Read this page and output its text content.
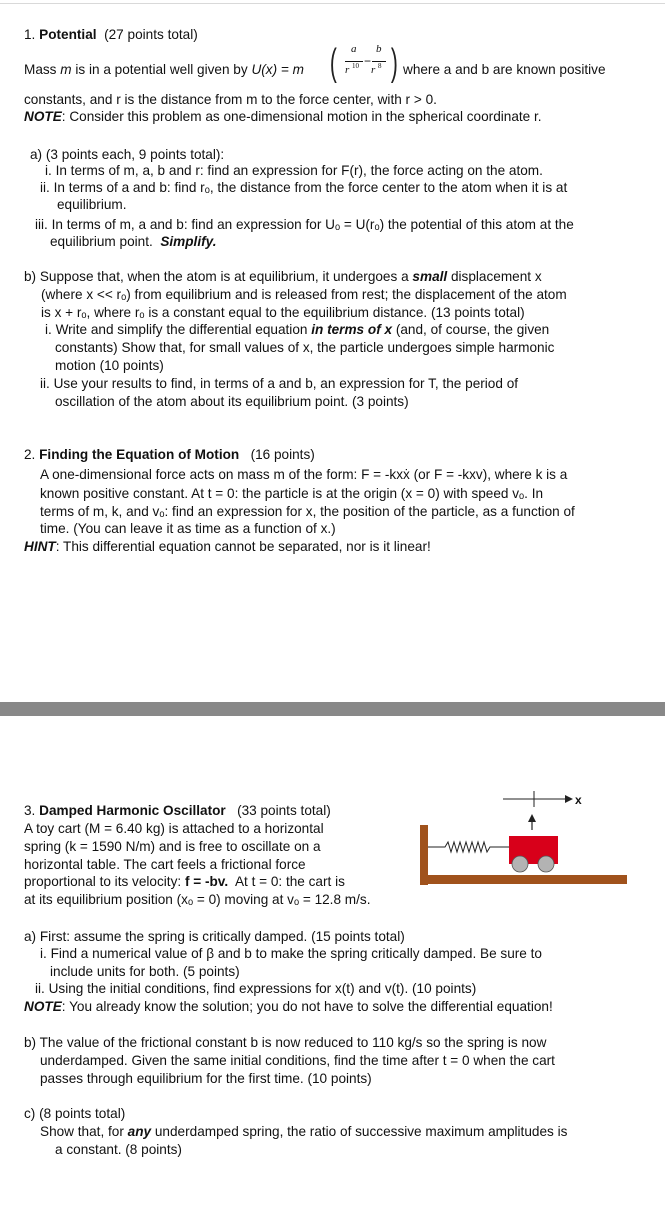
1. Potential (27 points total)
Mass m is in a potential well given by U(x) = m ( a b
−
r 10 r 8 ) where a and b are known positive
constants, and r is the distance from m to the force center, with r > 0.
NOTE: Consider this problem as one-dimensional motion in the spherical coordinate r.
a) (3 points each, 9 points total):
i. In terms of m, a, b and r: find an expression for F(r), the force acting on the atom.
ii. In terms of a and b: find rₒ, the distance from the force center to the atom when it is at
equilibrium.
iii. In terms of m, a and b: find an expression for Uₒ = U(rₒ) the potential of this atom at the
equilibrium point. Simplify.
b) Suppose that, when the atom is at equilibrium, it undergoes a small displacement x
(where x << rₒ) from equilibrium and is released from rest; the displacement of the atom
is x + rₒ, where rₒ is a constant equal to the equilibrium distance. (13 points total)
i. Write and simplify the differential equation in terms of x (and, of course, the given
constants) Show that, for small values of x, the particle undergoes simple harmonic
motion (10 points)
ii. Use your results to find, in terms of a and b, an expression for T, the period of
oscillation of the atom about its equilibrium point. (3 points)
2. Finding the Equation of Motion (16 points)
A one-dimensional force acts on mass m of the form: F = -kxẋ (or F = -kxv), where k is a
known positive constant. At t = 0: the particle is at the origin (x = 0) with speed vₒ. In
terms of m, k, and vₒ: find an expression for x, the position of the particle, as a function of
time. (You can leave it as time as a function of x.)
HINT: This differential equation cannot be separated, nor is it linear!
3. Damped Harmonic Oscillator (33 points total)
A toy cart (M = 6.40 kg) is attached to a horizontal
spring (k = 1590 N/m) and is free to oscillate on a
horizontal table. The cart feels a frictional force
proportional to its velocity: f = -bv. At t = 0: the cart is
at its equilibrium position (xₒ = 0) moving at vₒ = 12.8 m/s.
x
a) First: assume the spring is critically damped. (15 points total)
i. Find a numerical value of β and b to make the spring critically damped. Be sure to
include units for both. (5 points)
ii. Using the initial conditions, find expressions for x(t) and v(t). (10 points)
NOTE: You already know the solution; you do not have to solve the differential equation!
b) The value of the frictional constant b is now reduced to 110 kg/s so the spring is now
underdamped. Given the same initial conditions, find the time after t = 0 when the cart
passes through equilibrium for the first time. (10 points)
c) (8 points total)
Show that, for any underdamped spring, the ratio of successive maximum amplitudes is
a constant. (8 points)
